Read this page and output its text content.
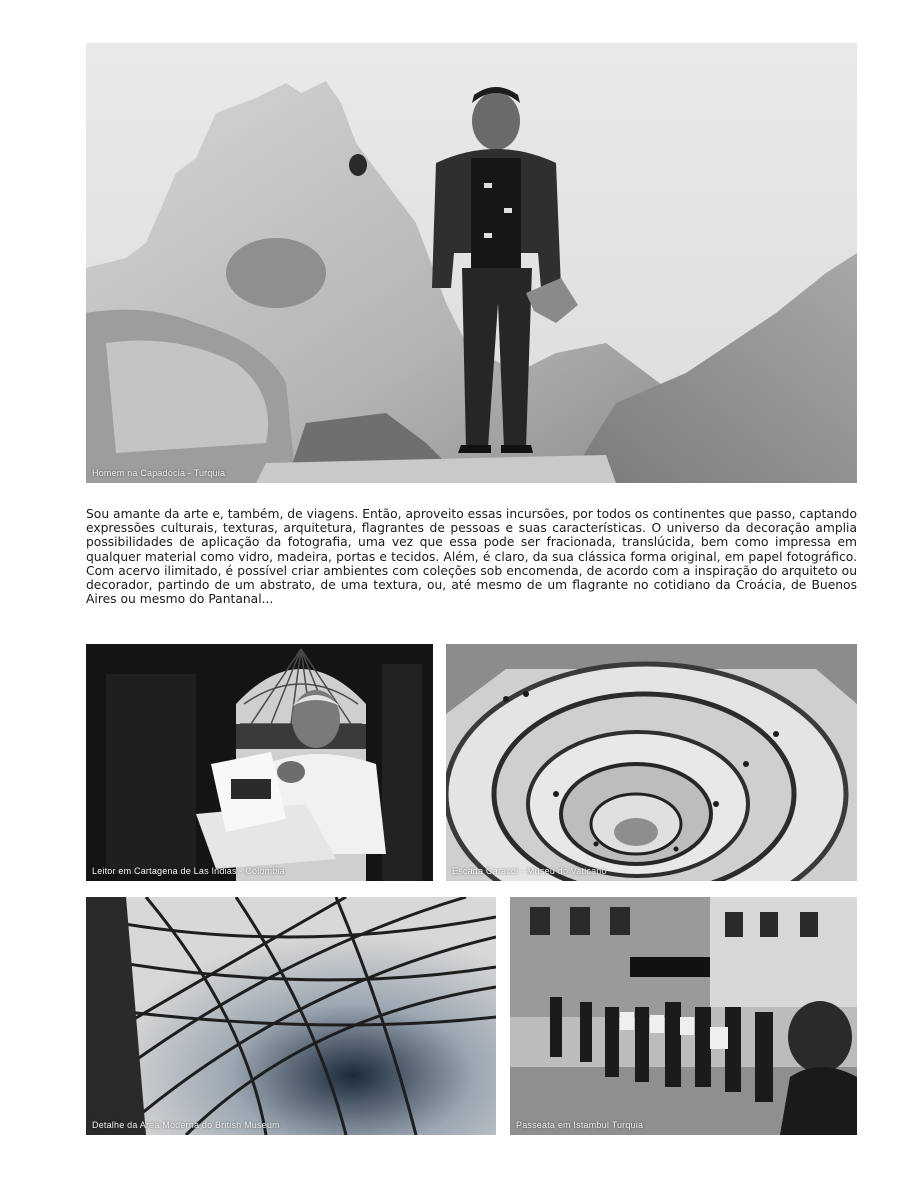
Homem na Capadócia - Turquia

Sou amante da arte e, também, de viagens. Então, aproveito essas incursões, por todos os continentes que passo, captando expressões culturais, texturas, arquitetura, flagrantes de pessoas e suas características. O universo da decoração amplia possibilidades de aplicação da fotografia, uma vez que essa pode ser fracionada, translúcida, bem como impressa em qualquer material como vidro, madeira, portas e tecidos. Além, é claro, da sua clássica forma original, em papel fotográfico. Com acervo ilimitado, é possível criar ambientes com coleções sob encomenda, de acordo com a inspiração do arquiteto ou decorador, partindo de um abstrato, de uma textura, ou, até mesmo de um flagrante no cotidiano da Croácia, de Buenos Aires ou mesmo do Pantanal...

Leitor em Cartagena de Las Indias - Colombia	Escada Caracol - Museu do Vaticano
Detalhe da Area Moderna do British Museum	Passeata em Istambul Turquia
